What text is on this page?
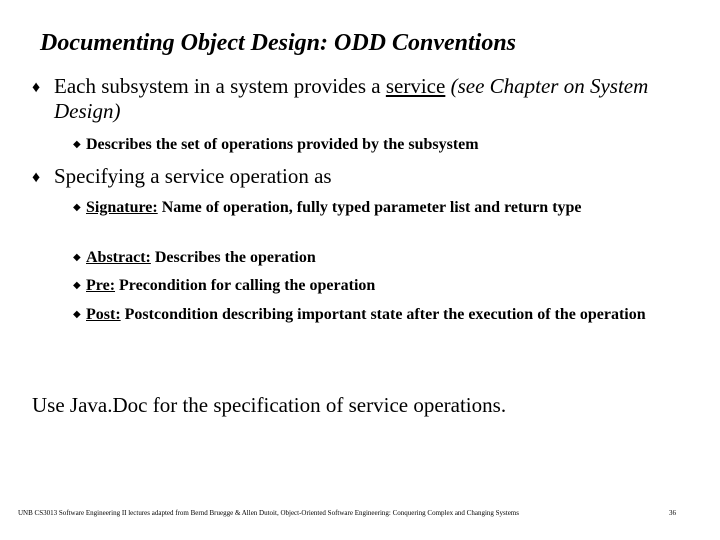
Documenting Object Design: ODD Conventions
♦ Each subsystem in a system provides a service (see Chapter on System Design)
◆ Describes the set of operations provided by the subsystem
♦ Specifying a service operation as
◆ Signature: Name of operation, fully typed parameter list and return type
◆ Abstract: Describes the operation
◆ Pre: Precondition for calling the operation
◆ Post: Postcondition describing important state after the execution of the operation
Use Java.Doc for the specification of service operations.
UNB CS3013 Software Engineering II lectures adapted from Bernd Bruegge & Allen Dutoit, Object-Oriented Software Engineering: Conquering Complex and Changing Systems	36
